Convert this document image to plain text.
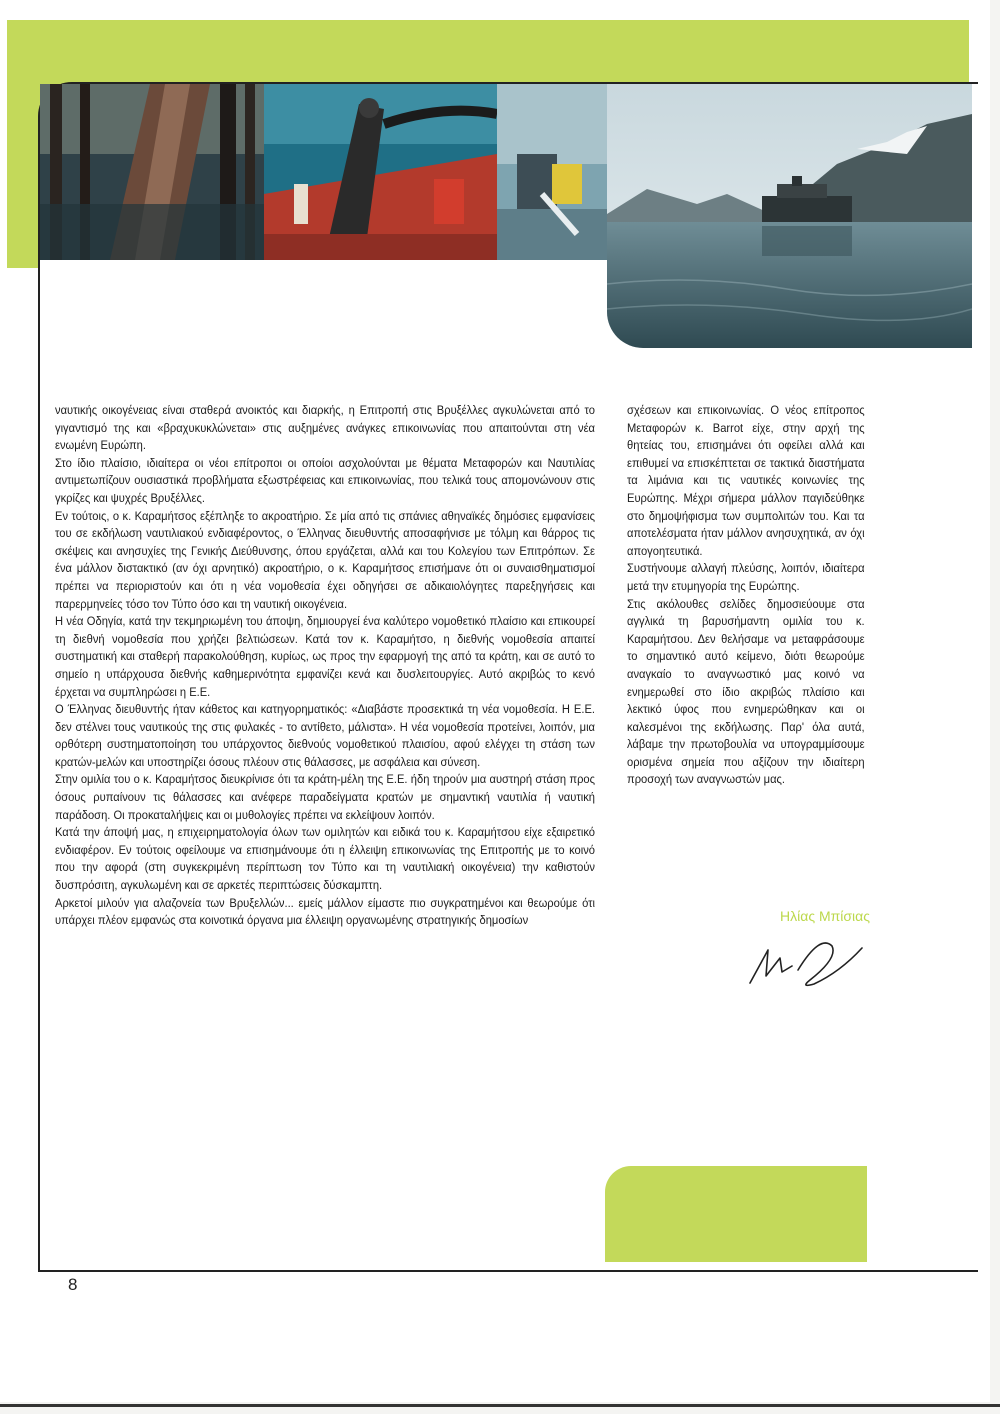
ναυτικής οικογένειας είναι σταθερά ανοικτός και διαρκής, η Επιτροπή στις Βρυξέλλες αγκυλώνεται από το γιγαντισμό της και «βραχυκυκλώνεται» στις αυξημένες ανάγκες επικοινωνίας που απαιτούνται στη νέα ενωμένη Ευρώπη.

Στο ίδιο πλαίσιο, ιδιαίτερα οι νέοι επίτροποι οι οποίοι ασχολούνται με θέματα Μεταφορών και Ναυτιλίας αντιμετωπίζουν ουσιαστικά προβλήματα εξωστρέφειας και επικοινωνίας, που τελικά τους απομονώνουν στις γκρίζες και ψυχρές Βρυξέλλες.

Εν τούτοις, ο κ. Καραμήτσος εξέπληξε το ακροατήριο. Σε μία από τις σπάνιες αθηναϊκές δημόσιες εμφανίσεις του σε εκδήλωση ναυτιλιακού ενδιαφέροντος, ο Έλληνας διευθυντής αποσαφήνισε με τόλμη και θάρρος τις σκέψεις και ανησυχίες της Γενικής Διεύθυνσης, όπου εργάζεται, αλλά και του Κολεγίου των Επιτρόπων. Σε ένα μάλλον διστακτικό (αν όχι αρνητικό) ακροατήριο, ο κ. Καραμήτσος επισήμανε ότι οι συναισθηματισμοί πρέπει να περιοριστούν και ότι η νέα νομοθεσία έχει οδηγήσει σε αδικαιολόγητες παρεξηγήσεις και παρερμηνείες τόσο τον Τύπο όσο και τη ναυτική οικογένεια.

Η νέα Οδηγία, κατά την τεκμηριωμένη του άποψη, δημιουργεί ένα καλύτερο νομοθετικό πλαίσιο και επικουρεί τη διεθνή νομοθεσία που χρήζει βελτιώσεων. Κατά τον κ. Καραμήτσο, η διεθνής νομοθεσία απαιτεί συστηματική και σταθερή παρακολούθηση, κυρίως, ως προς την εφαρμογή της από τα κράτη, και σε αυτό το σημείο η υπάρχουσα διεθνής καθημερινότητα εμφανίζει κενά και δυσλειτουργίες. Αυτό ακριβώς το κενό έρχεται να συμπληρώσει η Ε.Ε.

Ο Έλληνας διευθυντής ήταν κάθετος και κατηγορηματικός: «Διαβάστε προσεκτικά τη νέα νομοθεσία. Η Ε.Ε. δεν στέλνει τους ναυτικούς της στις φυλακές - το αντίθετο, μάλιστα». Η νέα νομοθεσία προτείνει, λοιπόν, μια ορθότερη συστηματοποίηση του υπάρχοντος διεθνούς νομοθετικού πλαισίου, αφού ελέγχει τη στάση των κρατών-μελών και υποστηρίζει όσους πλέουν στις θάλασσες, με ασφάλεια και σύνεση.

Στην ομιλία του ο κ. Καραμήτσος διευκρίνισε ότι τα κράτη-μέλη της Ε.Ε. ήδη τηρούν μια αυστηρή στάση προς όσους ρυπαίνουν τις θάλασσες και ανέφερε παραδείγματα κρατών με σημαντική ναυτιλία ή ναυτική παράδοση. Οι προκαταλήψεις και οι μυθολογίες πρέπει να εκλείψουν λοιπόν.

Κατά την άποψή μας, η επιχειρηματολογία όλων των ομιλητών και ειδικά του κ. Καραμήτσου είχε εξαιρετικό ενδιαφέρον. Εν τούτοις οφείλουμε να επισημάνουμε ότι η έλλειψη επικοινωνίας της Επιτροπής με το κοινό που την αφορά (στη συγκεκριμένη περίπτωση τον Τύπο και τη ναυτιλιακή οικογένεια) την καθιστούν δυσπρόσιτη, αγκυλωμένη και σε αρκετές περιπτώσεις δύσκαμπτη.

Αρκετοί μιλούν για αλαζονεία των Βρυξελλών... εμείς μάλλον είμαστε πιο συγκρατημένοι και θεωρούμε ότι υπάρχει πλέον εμφανώς στα κοινοτικά όργανα μια έλλειψη οργανωμένης στρατηγικής δημοσίων

σχέσεων και επικοινωνίας. Ο νέος επίτροπος Μεταφορών κ. Barrot είχε, στην αρχή της θητείας του, επισημάνει ότι οφείλει αλλά και επιθυμεί να επισκέπτεται σε τακτικά διαστήματα τα λιμάνια και τις ναυτικές κοινωνίες της Ευρώπης. Μέχρι σήμερα μάλλον παγιδεύθηκε στο δημοψήφισμα των συμπολιτών του. Και τα αποτελέσματα ήταν μάλλον ανησυχητικά, αν όχι απογοητευτικά.

Συστήνουμε αλλαγή πλεύσης, λοιπόν, ιδιαίτερα μετά την ετυμηγορία της Ευρώπης.

Στις ακόλουθες σελίδες δημοσιεύουμε στα αγγλικά τη βαρυσήμαντη ομιλία του κ. Καραμήτσου. Δεν θελήσαμε να μεταφράσουμε το σημαντικό αυτό κείμενο, διότι θεωρούμε αναγκαίο το αναγνωστικό μας κοινό να ενημερωθεί στο ίδιο ακριβώς πλαίσιο και λεκτικό ύφος που ενημερώθηκαν και οι καλεσμένοι της εκδήλωσης. Παρ' όλα αυτά, λάβαμε την πρωτοβουλία να υπογραμμίσουμε ορισμένα σημεία που αξίζουν την ιδιαίτερη προσοχή των αναγνωστών μας.

Ηλίας Μπίσιας
8
